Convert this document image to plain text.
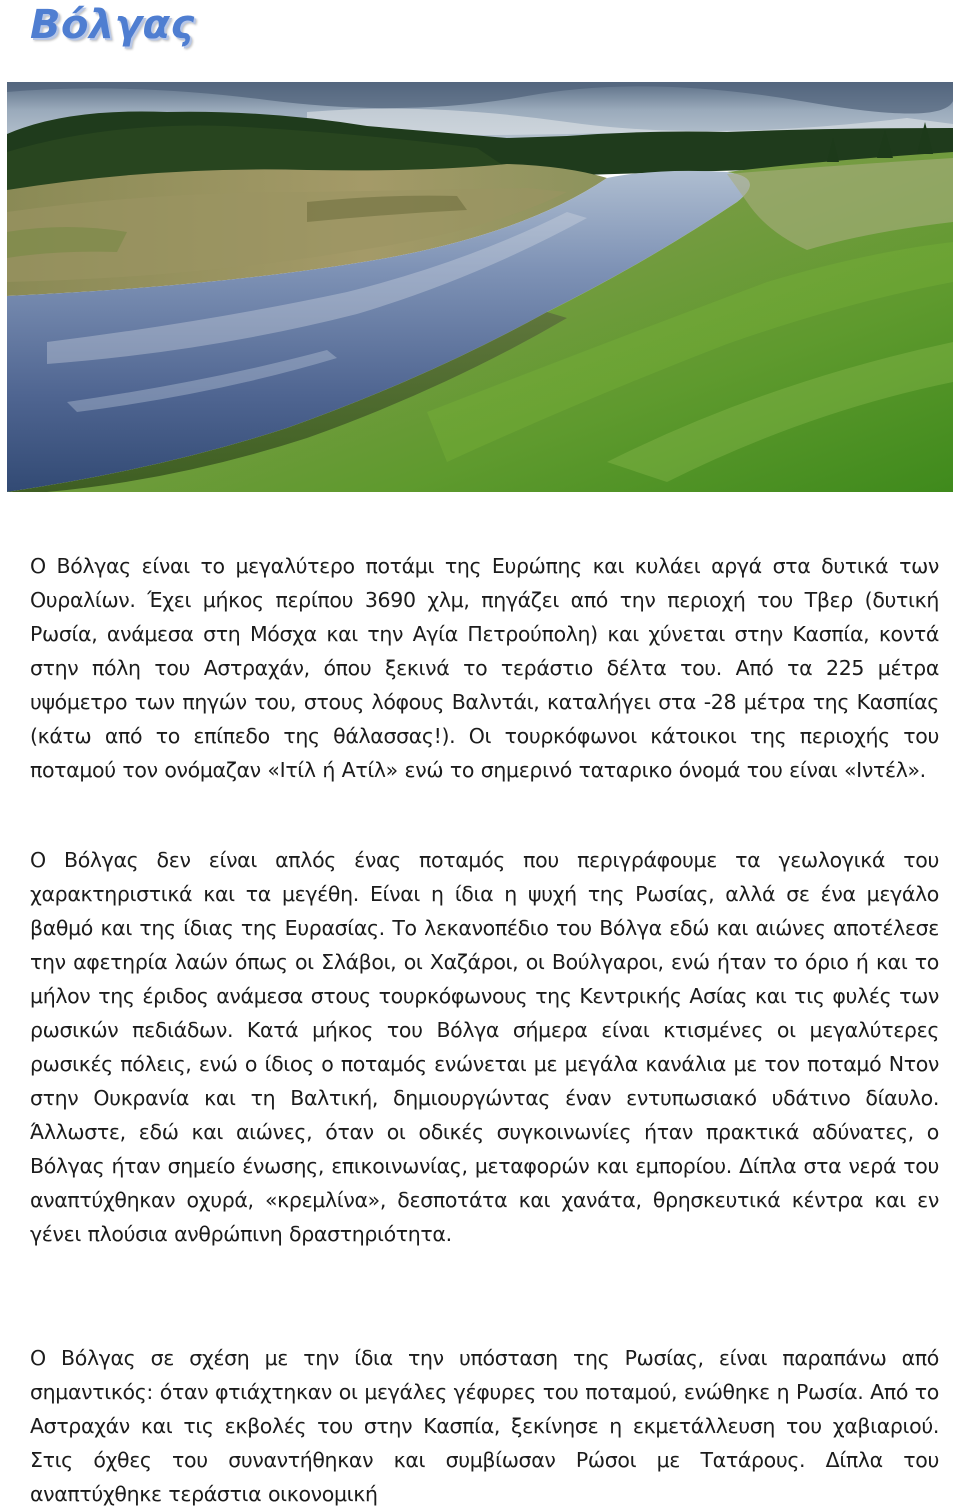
Βόλγας

Ο Βόλγας είναι το μεγαλύτερο ποτάμι της Ευρώπης και κυλάει αργά στα δυτικά των Ουραλίων. Έχει μήκος περίπου 3690 χλμ, πηγάζει από την περιοχή του Τβερ (δυτική Ρωσία, ανάμεσα στη Μόσχα και την Αγία Πετρούπολη) και χύνεται στην Κασπία, κοντά στην πόλη του Αστραχάν, όπου ξεκινά το τεράστιο δέλτα του. Από τα 225 μέτρα υψόμετρο των πηγών του, στους λόφους Βαλντάι, καταλήγει στα -28 μέτρα της Κασπίας (κάτω από το επίπεδο της θάλασσας!). Οι τουρκόφωνοι κάτοικοι της περιοχής του ποταμού τον ονόμαζαν «Ιτίλ ή Ατίλ» ενώ το σημερινό ταταρικο όνομά του είναι «Ιντέλ».

Ο Βόλγας δεν είναι απλός ένας ποταμός που περιγράφουμε τα γεωλογικά του χαρακτηριστικά και τα μεγέθη. Είναι η ίδια η ψυχή της Ρωσίας, αλλά σε ένα μεγάλο βαθμό και της ίδιας της Ευρασίας. Το λεκανοπέδιο του Βόλγα εδώ και αιώνες αποτέλεσε την αφετηρία λαών όπως οι Σλάβοι, οι Χαζάροι, οι Βούλγαροι, ενώ ήταν το όριο ή και το μήλον της έριδος ανάμεσα στους τουρκόφωνους της Κεντρικής Ασίας και τις φυλές των ρωσικών πεδιάδων. Κατά μήκος του Βόλγα σήμερα είναι κτισμένες οι μεγαλύτερες ρωσικές πόλεις, ενώ ο ίδιος ο ποταμός ενώνεται με μεγάλα κανάλια με τον ποταμό Ντον στην Ουκρανία και τη Βαλτική, δημιουργώντας έναν εντυπωσιακό υδάτινο δίαυλο. Άλλωστε, εδώ και αιώνες, όταν οι οδικές συγκοινωνίες ήταν πρακτικά αδύνατες, ο Βόλγας ήταν σημείο ένωσης, επικοινωνίας, μεταφορών και εμπορίου. Δίπλα στα νερά του αναπτύχθηκαν οχυρά, «κρεμλίνα», δεσποτάτα και χανάτα, θρησκευτικά κέντρα και εν γένει πλούσια ανθρώπινη δραστηριότητα.

Ο Βόλγας σε σχέση με την ίδια την υπόσταση της Ρωσίας, είναι παραπάνω από σημαντικός: όταν φτιάχτηκαν οι μεγάλες γέφυρες του ποταμού, ενώθηκε η Ρωσία. Από το Αστραχάν και τις εκβολές του στην Κασπία, ξεκίνησε η εκμετάλλευση του χαβιαριού. Στις όχθες του συναντήθηκαν και συμβίωσαν Ρώσοι με Τατάρους. Δίπλα του αναπτύχθηκε τεράστια οικονομική
